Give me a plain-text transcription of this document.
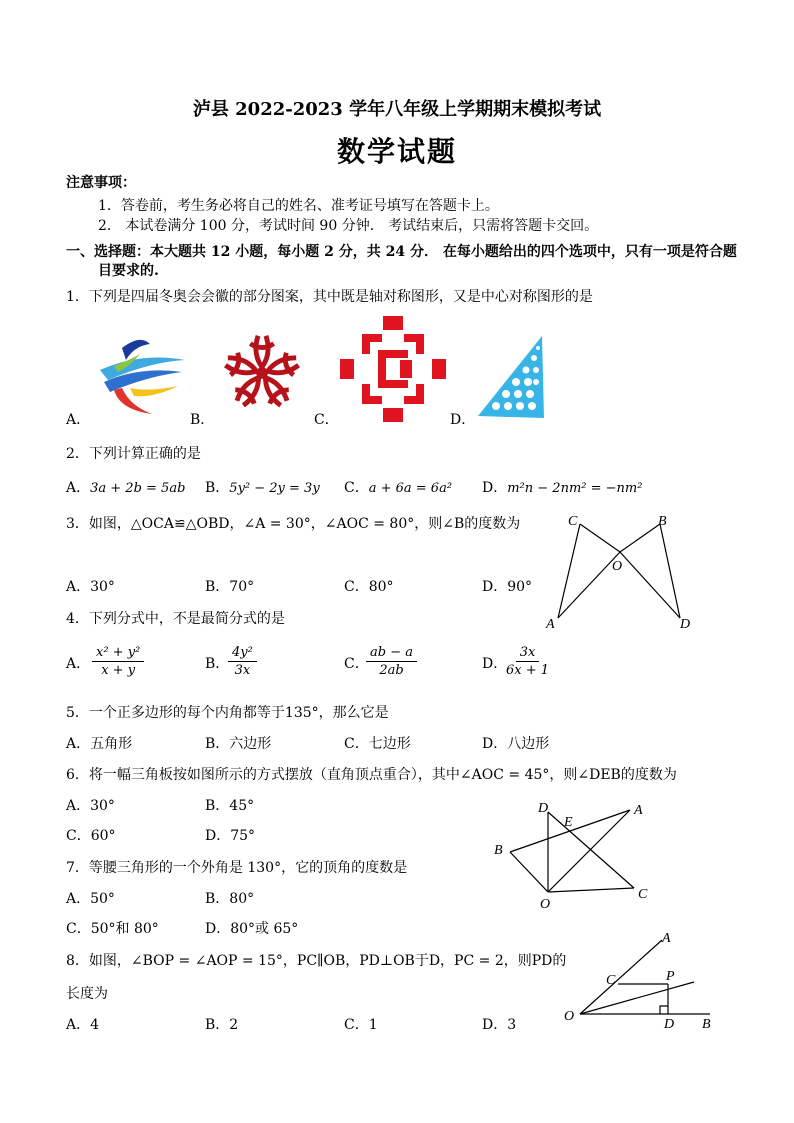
泸县 2022-2023 学年八年级上学期期末模拟考试
数学试题
注意事项：
1．答卷前，考生务必将自己的姓名、准考证号填写在答题卡上。
2． 本试卷满分 100 分，考试时间 90 分钟． 考试结束后，只需将答题卡交回。
一、选择题：本大题共 12 小题，每小题 2 分，共 24 分． 在每小题给出的四个选项中，只有一项是符合题
目要求的.
1．下列是四届冬奥会会徽的部分图案，其中既是轴对称图形，又是中心对称图形的是
A．	B．	C．	D．
2．下列计算正确的是
A．3a + 2b = 5ab B．5y² − 2y = 3y C．a + 6a = 6a² D．m²n − 2nm² = −nm²
3．如图，△OCA≌△OBD，∠A = 30°，∠AOC = 80°，则∠B的度数为
A．30°	B．70°	C．80°	D．90°
C	B
O
A	D
4．下列分式中，不是最简分式的是
A． $\frac{\text{x² + y²}}{x + y}$	B．
$\frac{\text{4y²}}{3x}$	C．
$\frac{ab - a}{2ab}$	D．
$\frac{3x}{6x + 1}$
5．一个正多边形的每个内角都等于135°，那么它是
A．五角形	B．六边形	C．七边形	D．八边形
6．将一幅三角板按如图所示的方式摆放（直角顶点重合），其中∠AOC = 45°，则∠DEB的度数为
A．30°	B．45°
C．60°	D．75°
D
E
A
B
O
C
7．等腰三角形的一个外角是 130°，它的顶角的度数是
A．50°	B．80°
C．50°和 80°	D．80°或 65°
8．如图，∠BOP = ∠AOP = 15°，PC∥OB，PD⊥OB于D，PC = 2，则PD的
长度为
A．4	B．2	C．1	D．3
A
C	P
O
D B
